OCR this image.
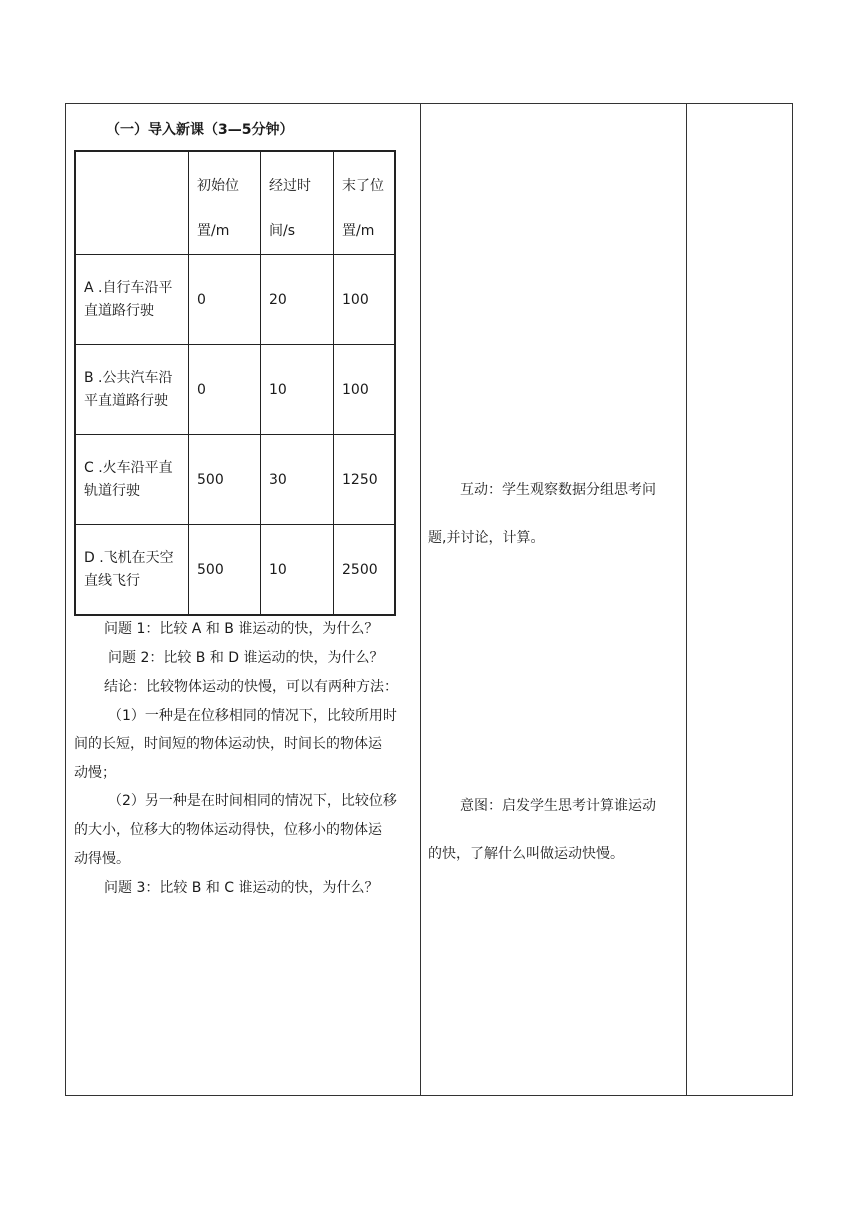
（一）导入新课（3—5分钟）
	初始位置/m	经过时间/s	末了位置/m
A .自行车沿平直道路行驶	0	20	100
B .公共汽车沿平直道路行驶	0	10	100
C .火车沿平直轨道行驶	500	30	1250
D .飞机在天空直线飞行	500	10	2500
问题 1：比较 A 和 B 谁运动的快，为什么？
问题 2：比较 B 和 D 谁运动的快，为什么？
结论：比较物体运动的快慢，可以有两种方法：
（1）一种是在位移相同的情况下，比较所用时
间的长短，时间短的物体运动快，时间长的物体运
动慢；
（2）另一种是在时间相同的情况下，比较位移
的大小，位移大的物体运动得快，位移小的物体运
动得慢。
问题 3：比较 B 和 C 谁运动的快，为什么？
互动：学生观察数据分组思考问
题,并讨论，计算。
意图：启发学生思考计算谁运动
的快，了解什么叫做运动快慢。
